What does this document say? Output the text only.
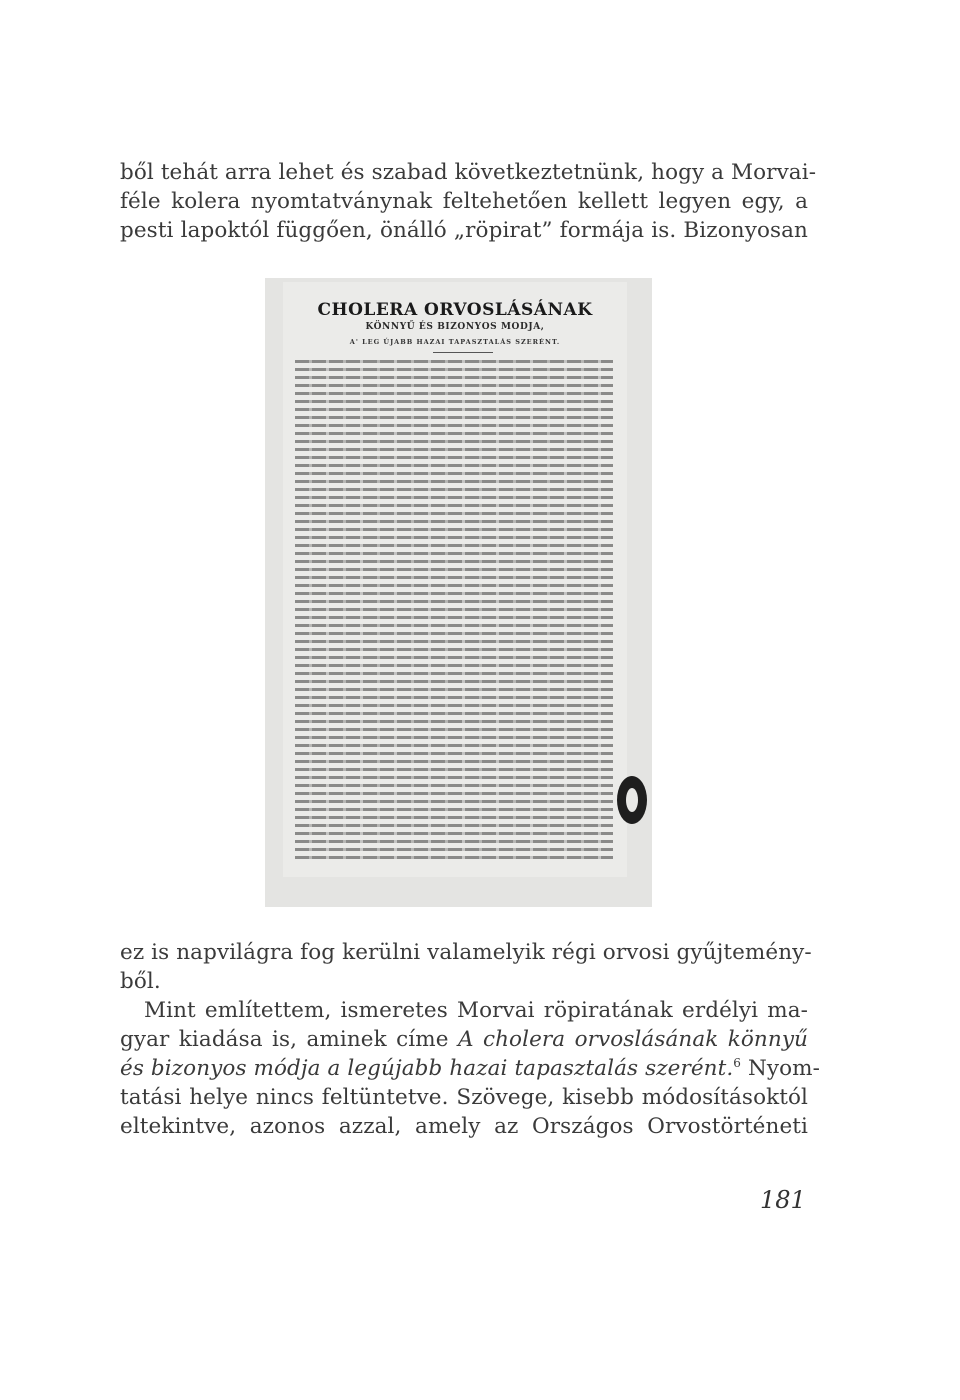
ből tehát arra lehet és szabad következtetnünk, hogy a Morvai-
féle kolera nyomtatványnak feltehetően kellett legyen egy, a
pesti lapoktól függően, önálló „röpirat” formája is. Bizonyosan
CHOLERA ORVOSLÁSÁNAK
KÖNNYŰ ÉS BIZONYOS MODJA,
A' LEG ÚJABB HAZAI TAPASZTALÁS SZERÉNT.
ez is napvilágra fog kerülni valamelyik régi orvosi gyűjtemény-
ből.
Mint említettem, ismeretes Morvai röpiratának erdélyi ma-
gyar kiadása is, aminek címe A cholera orvoslásának könnyű
és bizonyos módja a legújabb hazai tapasztalás szerént.$^6$ Nyom-
tatási helye nincs feltüntetve. Szövege, kisebb módosításoktól
eltekintve, azonos azzal, amely az Országos Orvostörténeti
181
